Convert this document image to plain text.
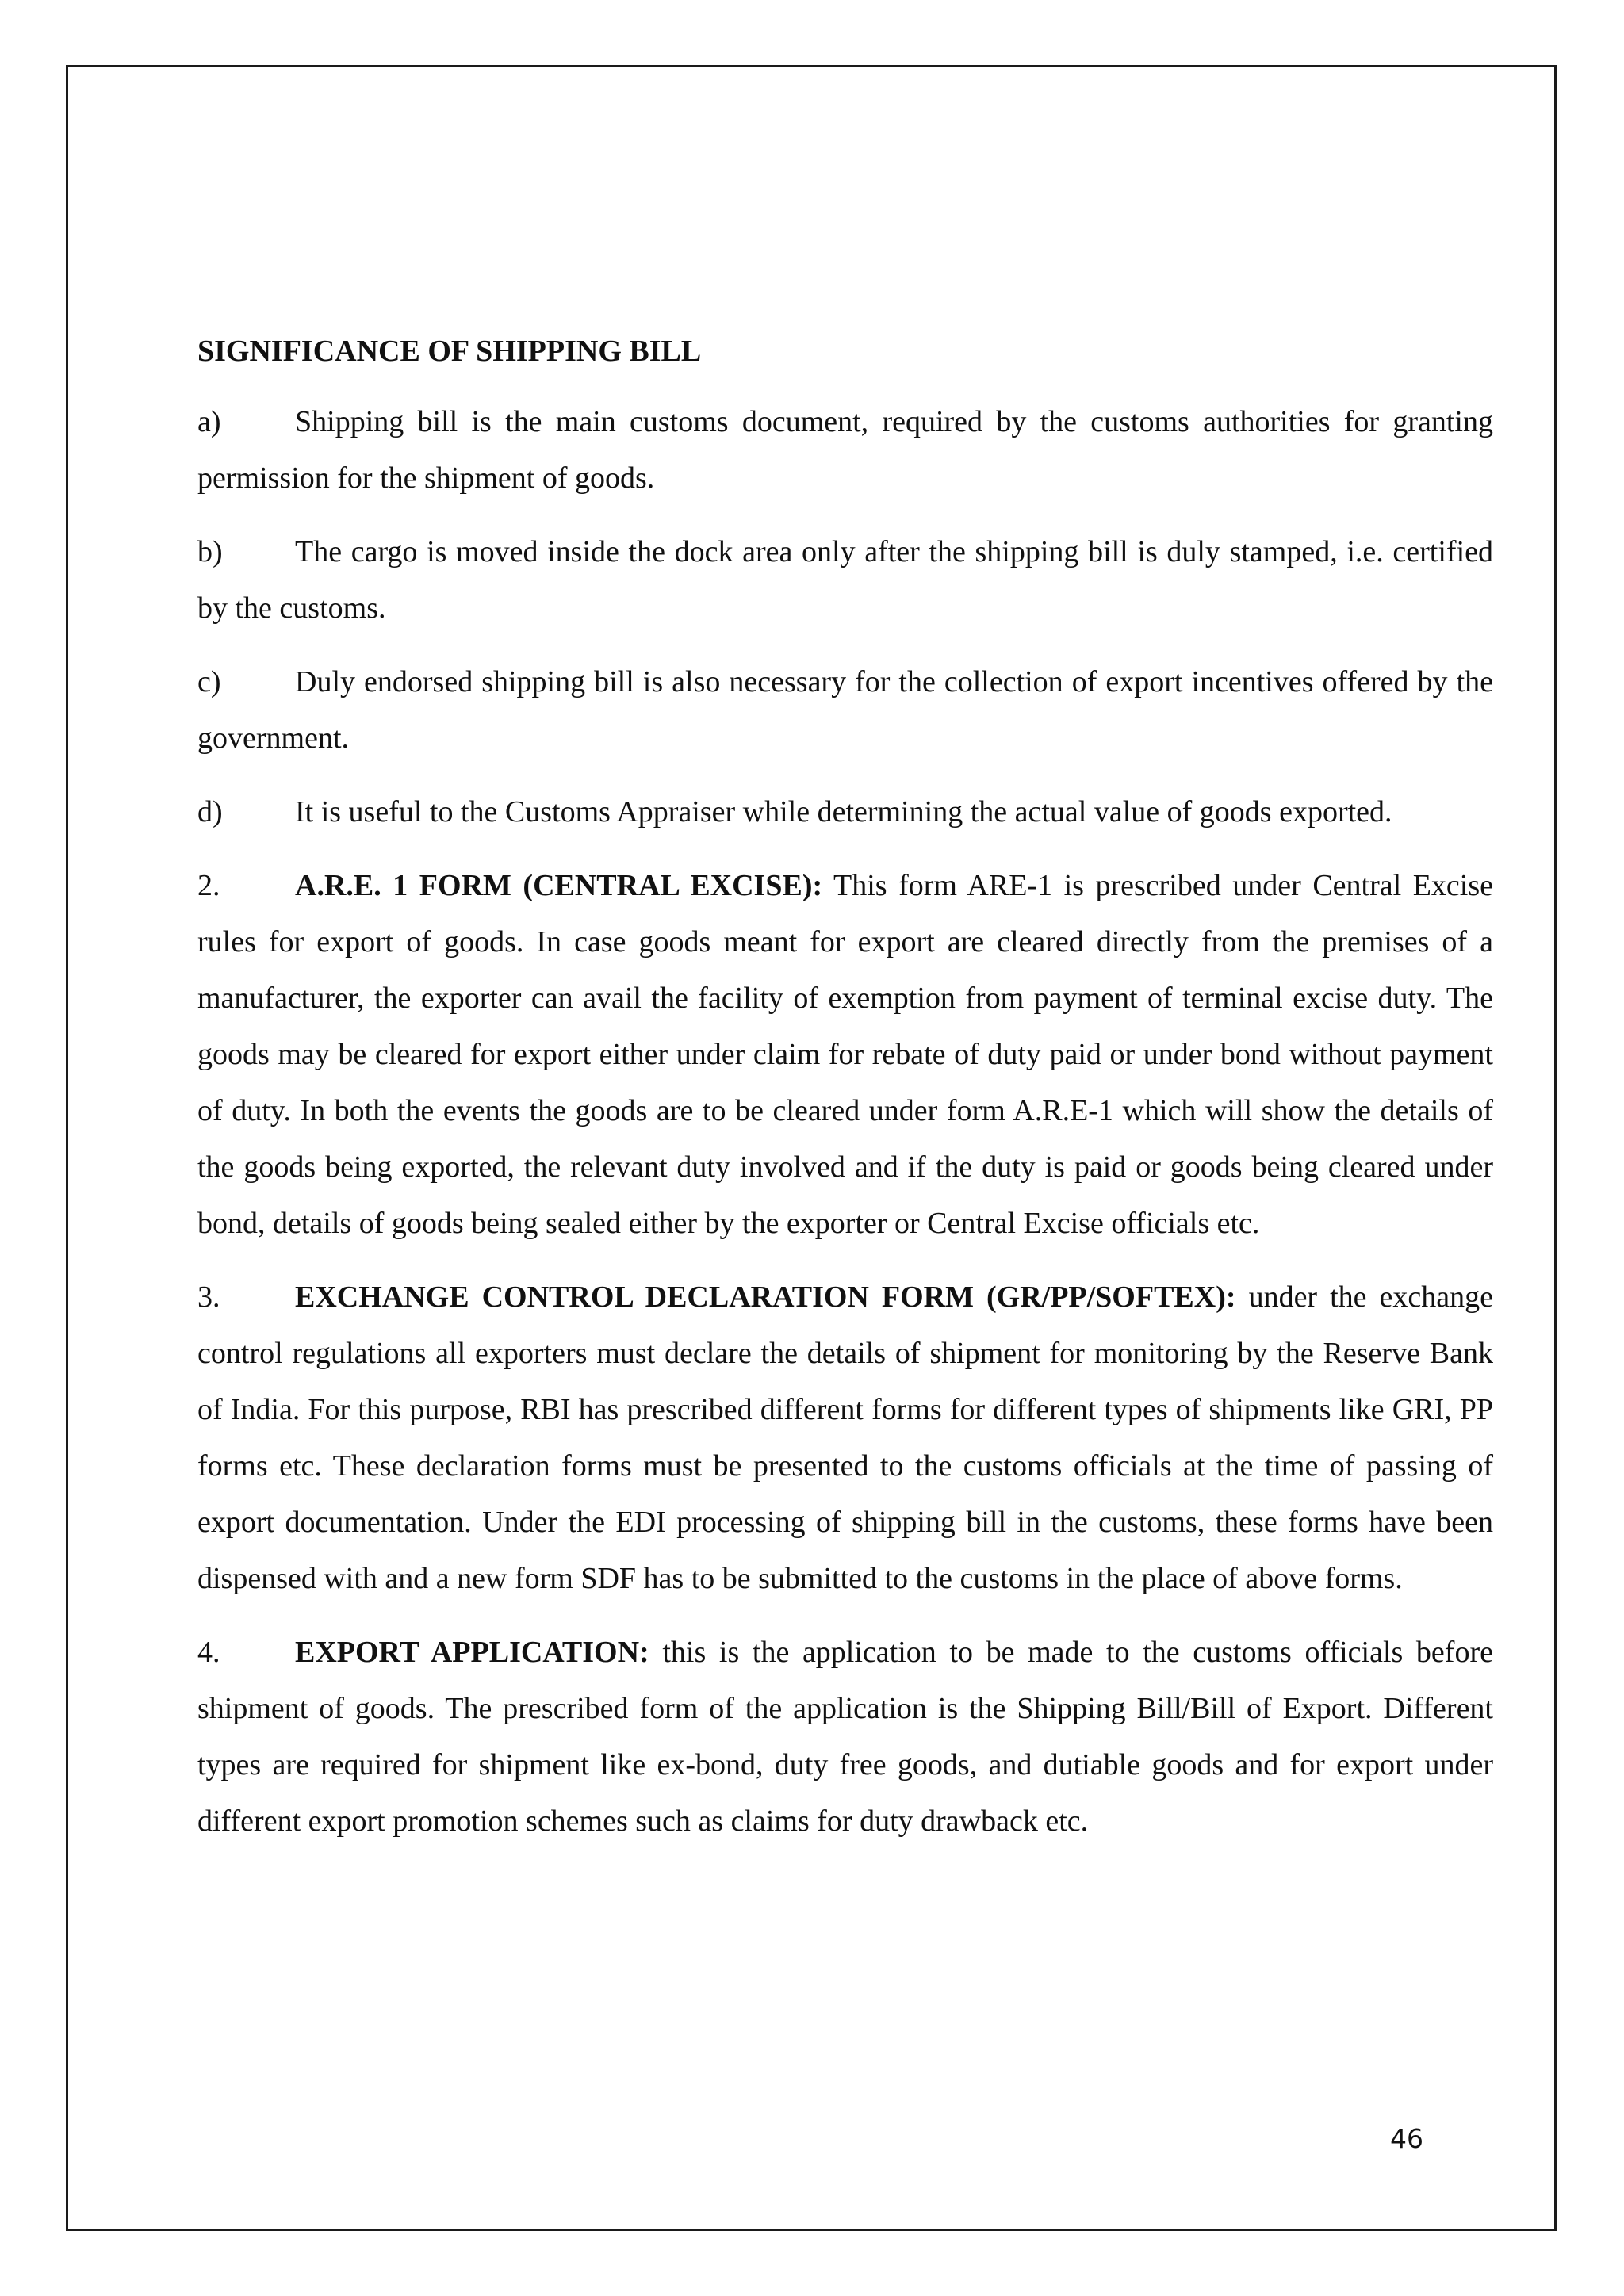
SIGNIFICANCE OF SHIPPING BILL

a) Shipping bill is the main customs document, required by the customs authorities for granting permission for the shipment of goods.

b) The cargo is moved inside the dock area only after the shipping bill is duly stamped, i.e. certified by the customs.

c) Duly endorsed shipping bill is also necessary for the collection of export incentives offered by the government.

d) It is useful to the Customs Appraiser while determining the actual value of goods exported.

2. A.R.E. 1 FORM (CENTRAL EXCISE): This form ARE-1 is prescribed under Central Excise rules for export of goods. In case goods meant for export are cleared directly from the premises of a manufacturer, the exporter can avail the facility of exemption from payment of terminal excise duty. The goods may be cleared for export either under claim for rebate of duty paid or under bond without payment of duty. In both the events the goods are to be cleared under form A.R.E-1 which will show the details of the goods being exported, the relevant duty involved and if the duty is paid or goods being cleared under bond, details of goods being sealed either by the exporter or Central Excise officials etc.

3. EXCHANGE CONTROL DECLARATION FORM (GR/PP/SOFTEX): under the exchange control regulations all exporters must declare the details of shipment for monitoring by the Reserve Bank of India. For this purpose, RBI has prescribed different forms for different types of shipments like GRI, PP forms etc. These declaration forms must be presented to the customs officials at the time of passing of export documentation. Under the EDI processing of shipping bill in the customs, these forms have been dispensed with and a new form SDF has to be submitted to the customs in the place of above forms.

4. EXPORT APPLICATION: this is the application to be made to the customs officials before shipment of goods. The prescribed form of the application is the Shipping Bill/Bill of Export. Different types are required for shipment like ex-bond, duty free goods, and dutiable goods and for export under different export promotion schemes such as claims for duty drawback etc.

46
